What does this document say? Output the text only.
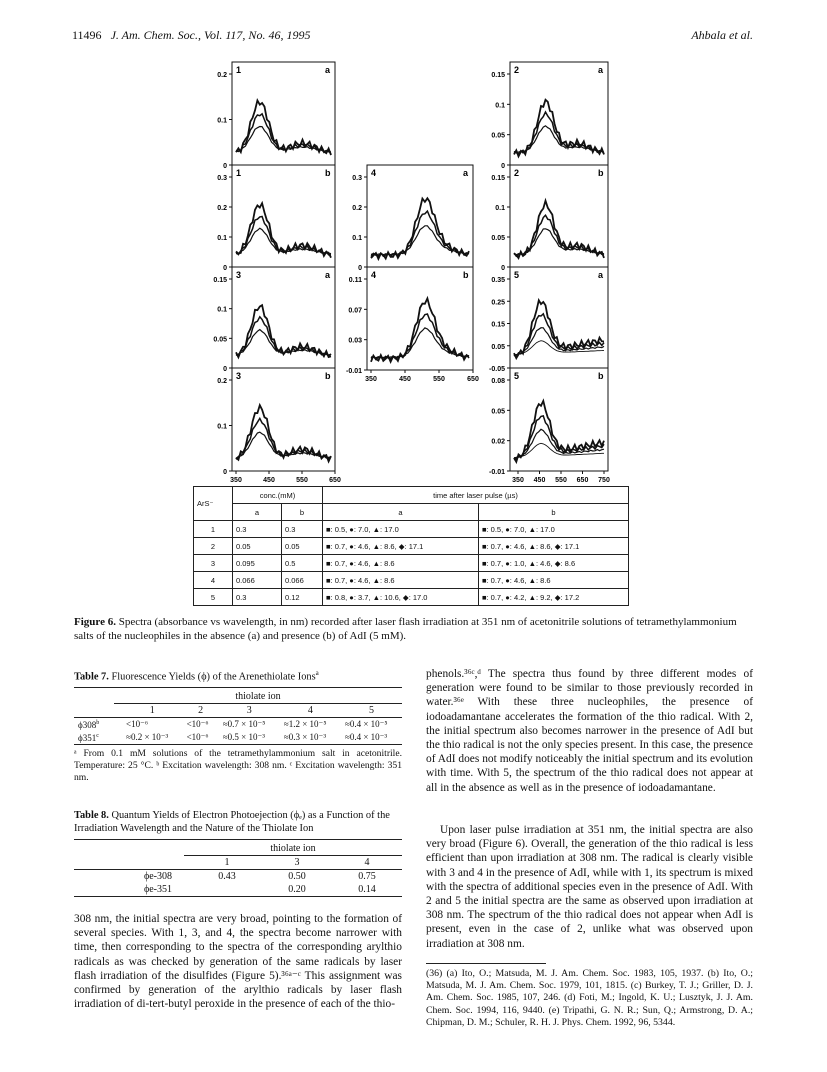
11496 J. Am. Chem. Soc., Vol. 117, No. 46, 1995	Ahbala et al.
1	a
0.2
0.1
0
1	b
0.3
0.2
0.1
0
3	a
0.15
0.1
0.05
0
3	b
0.2
0.1
0
4	a
0.3
0.2
0.1
0
4	b
0.11
0.07
0.03
-0.01
2	a
0.15
0.1
0.05
0
2	b
0.15
0.1
0.05
0
5	a
0.35
0.25
0.15
0.05
-0.05
5	b
0.08
0.05
0.02
-0.01
350	450	550	650
350	450	550	650
350 450 550 650 750
ArS⁻	conc.(mM)		time after laser pulse (µs)	
	a	b	a	b
1	0.3	0.3	■: 0.5, ●: 7.0, ▲: 17.0	■: 0.5, ●: 7.0, ▲: 17.0
2	0.05	0.05	■: 0.7, ●: 4.6, ▲: 8.6, ◆: 17.1	■: 0.7, ●: 4.6, ▲: 8.6, ◆: 17.1
3	0.095	0.5	■: 0.7, ●: 4.6, ▲: 8.6	■: 0.7, ●: 1.0, ▲: 4.6, ◆: 8.6
4	0.066	0.066	■: 0.7, ●: 4.6, ▲: 8.6	■: 0.7, ●: 4.6, ▲: 8.6
5	0.3	0.12	■: 0.8, ●: 3.7, ▲: 10.6, ◆: 17.0	■: 0.7, ●: 4.2, ▲: 9.2, ◆: 17.2
Figure 6. Spectra (absorbance vs wavelength, in nm) recorded after laser flash irradiation at 351 nm of acetonitrile solutions of tetramethylammonium salts of the nucleophiles in the absence (a) and presence (b) of AdI (5 mM).
Table 7. Fluorescence Yields (ϕ) of the Arenethiolate Ions$^a$
thiolate ion
	1	2	3	4	5
$\phi 308^b$	<10⁻⁶	<10⁻⁶	≈0.7 × 10⁻⁵	≈1.2 × 10⁻⁵	≈0.4 × 10⁻⁵
$\phi 351^c$	≈0.2 × 10⁻³	<10⁻⁶	≈0.5 × 10⁻³	≈0.3 × 10⁻³	≈0.4 × 10⁻³
ᵃ From 0.1 mM solutions of the tetramethylammonium salt in acetonitrile. Temperature: 25 °C. ᵇ Excitation wavelength: 308 nm. ᶜ Excitation wavelength: 351 nm.
Table 8. Quantum Yields of Electron Photoejection (ϕₑ) as a Function of the Irradiation Wavelength and the Nature of the Thiolate Ion
thiolate ion
	1	3	4
ϕe-308	0.43	0.50	0.75
ϕe-351		0.20	0.14
308 nm, the initial spectra are very broad, pointing to the formation of several species. With 1, 3, and 4, the spectra become narrower with time, then corresponding to the spectra of the corresponding arylthio radicals as was checked by generation of the same radicals by laser flash irradiation of the disulfides (Figure 5).³⁶ᵃ⁻ᶜ This assignment was confirmed by generation of the arylthio radicals by laser flash irradiation of di-tert-butyl peroxide in the presence of each of the thio-
phenols.³⁶ᶜ,ᵈ The spectra thus found by three different modes of generation were found to be similar to those previously recorded in water.³⁶ᵉ With these three nucleophiles, the presence of iodoadamantane accelerates the formation of the thio radical. With 2, the initial spectrum also becomes narrower in the presence of AdI but the thio radical is not the only species present. In this case, the presence of AdI does not modify noticeably the initial spectrum and its evolution with time. With 5, the spectrum of the thio radical does not appear at all in the absence as well as in the presence of iodoadamantane.
Upon laser pulse irradiation at 351 nm, the initial spectra are also very broad (Figure 6). Overall, the generation of the thio radical is less efficient than upon irradiation at 308 nm. The radical is clearly visible with 3 and 4 in the presence of AdI, while with 1, its spectrum is mixed with the spectra of additional species even in the presence of AdI. With 2 and 5 the initial spectra are the same as observed upon irradiation at 308 nm. The spectrum of the thio radical does not appear when AdI is present, even in the case of 2, unlike what was observed upon irradiation at 308 nm.
(36) (a) Ito, O.; Matsuda, M. J. Am. Chem. Soc. 1983, 105, 1937. (b) Ito, O.; Matsuda, M. J. Am. Chem. Soc. 1979, 101, 1815. (c) Burkey, T. J.; Griller, D. J. Am. Chem. Soc. 1985, 107, 246. (d) Foti, M.; Ingold, K. U.; Lusztyk, J. J. Am. Chem. Soc. 1994, 116, 9440. (e) Tripathi, G. N. R.; Sun, Q.; Armstrong, D. A.; Chipman, D. M.; Schuler, R. H. J. Phys. Chem. 1992, 96, 5344.
